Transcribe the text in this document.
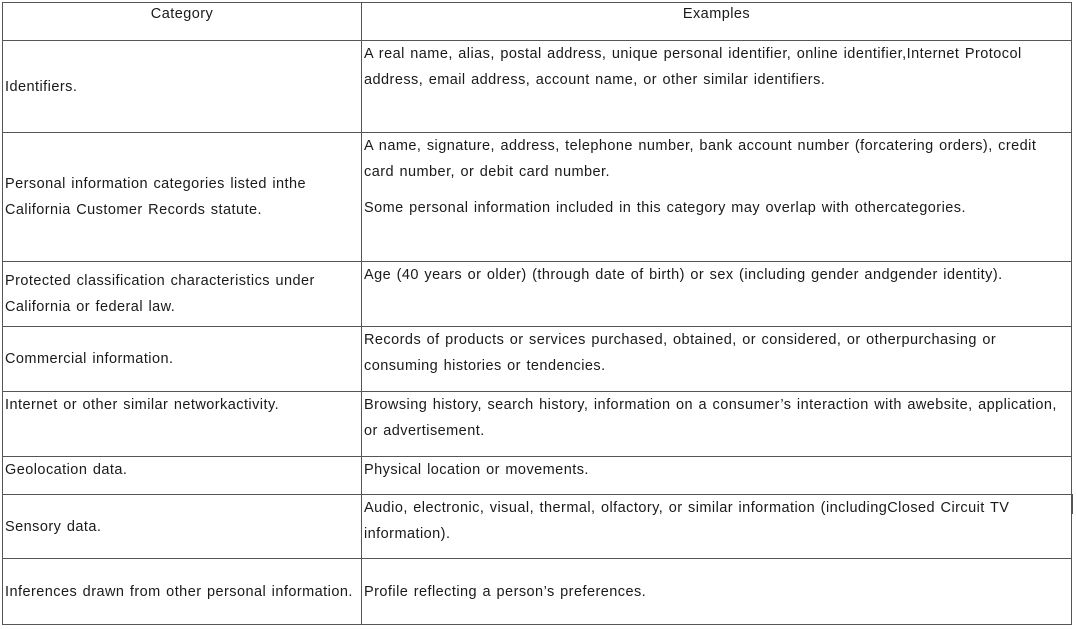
Category	Examples
Identifiers.	A real name, alias, postal address, unique personal identifier, online identifier,Internet Protocol address, email address, account name, or other similar identifiers.

Personal information categories listed inthe California Customer Records statute.	A name, signature, address, telephone number, bank account number (forcatering orders), credit card number, or debit card number.
Some personal information included in this category may overlap with othercategories.

Protected classification characteristics under California or federal law.	Age (40 years or older) (through date of birth) or sex (including gender andgender identity).

Commercial information.	Records of products or services purchased, obtained, or considered, or otherpurchasing or consuming histories or tendencies.

Internet or other similar networkactivity.	Browsing history, search history, information on a consumer’s interaction with awebsite, application, or advertisement.

Geolocation data.	Physical location or movements.

Sensory data.	Audio, electronic, visual, thermal, olfactory, or similar information (includingClosed Circuit TV information).

Inferences drawn from other personal information.	Profile reflecting a person’s preferences.
